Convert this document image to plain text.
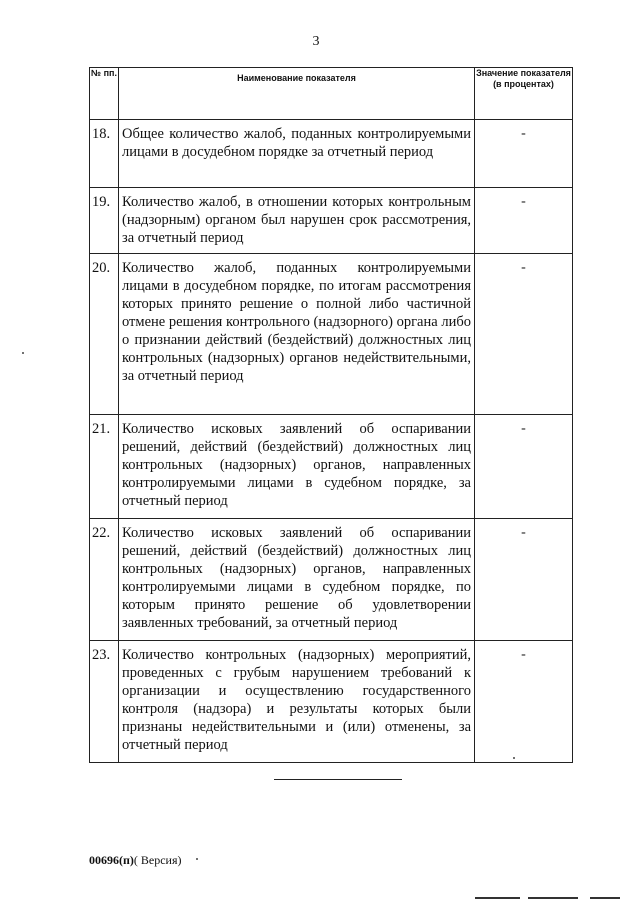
3
№ пп.	Наименование показателя	Значение показателя (в процентах)
18.	Общее количество жалоб, поданных контролируемыми лицами в досудебном порядке за отчетный период	-
19.	Количество жалоб, в отношении которых контрольным (надзорным) органом был нарушен срок рассмотрения, за отчетный период	-
20.	Количество жалоб, поданных контролируемыми лицами в досудебном порядке, по итогам рассмотрения которых принято решение о полной либо частичной отмене решения контрольного (надзорного) органа либо о признании действий (бездействий) должностных лиц контрольных (надзорных) органов недействительными, за отчетный период	-
21.	Количество исковых заявлений об оспаривании решений, действий (бездействий) должностных лиц контрольных (надзорных) органов, направленных контролируемыми лицами в судебном порядке, за отчетный период	-
22.	Количество исковых заявлений об оспаривании решений, действий (бездействий) должностных лиц контрольных (надзорных) органов, направленных контролируемыми лицами в судебном порядке, по которым принято решение об удовлетворении заявленных требований, за отчетный период	-
23.	Количество контрольных (надзорных) мероприятий, проведенных с грубым нарушением требований к организации и осуществлению государственного контроля (надзора) и результаты которых были признаны недействительными и (или) отменены, за отчетный период	-
00696(п)( Версия)
